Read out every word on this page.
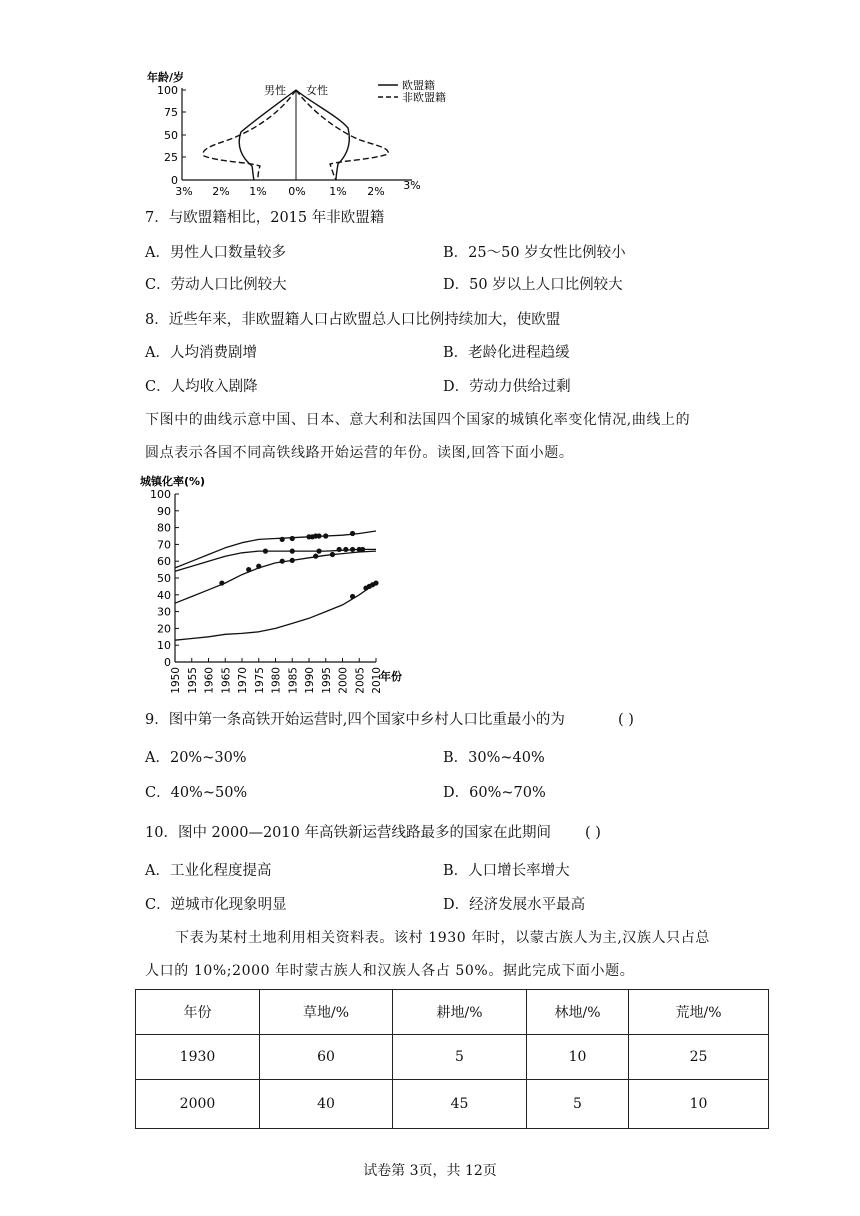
年龄/岁
100
75
50
25
0
3% 2% 1% 0% 1% 2% 3%
男性 女性	欧盟籍
非欧盟籍
7．与欧盟籍相比，2015 年非欧盟籍
A．男性人口数量较多	B．25～50 岁女性比例较小
C．劳动人口比例较大	D．50 岁以上人口比例较大
8．近些年来，非欧盟籍人口占欧盟总人口比例持续加大，使欧盟
A．人均消费剧增	B．老龄化进程趋缓
C．人均收入剧降	D．劳动力供给过剩
下图中的曲线示意中国、日本、意大利和法国四个国家的城镇化率变化情况,曲线上的
圆点表示各国不同高铁线路开始运营的年份。读图,回答下面小题。
城镇化率(%)
0
10
20
30
40
50
60
70
80
90
100
1950 1955 1960 1965 1970 1975 1980 1985 1990 1995 2000 2005 2010
年份
9．图中第一条高铁开始运营时,四个国家中乡村人口比重最小的为	( )
A．20%~30%	B．30%~40%
C．40%~50%	D．60%~70%
10．图中 2000—2010 年高铁新运营线路最多的国家在此期间 ( )
A．工业化程度提高	B．人口增长率增大
C．逆城市化现象明显	D．经济发展水平最高
下表为某村土地利用相关资料表。该村 1930 年时，以蒙古族人为主,汉族人只占总
人口的 10%;2000 年时蒙古族人和汉族人各占 50%。据此完成下面小题。
年份	草地/%	耕地/%	林地/%	荒地/%
1930	60	5	10	25
2000	40	45	5	10
试卷第 3页，共 12页
